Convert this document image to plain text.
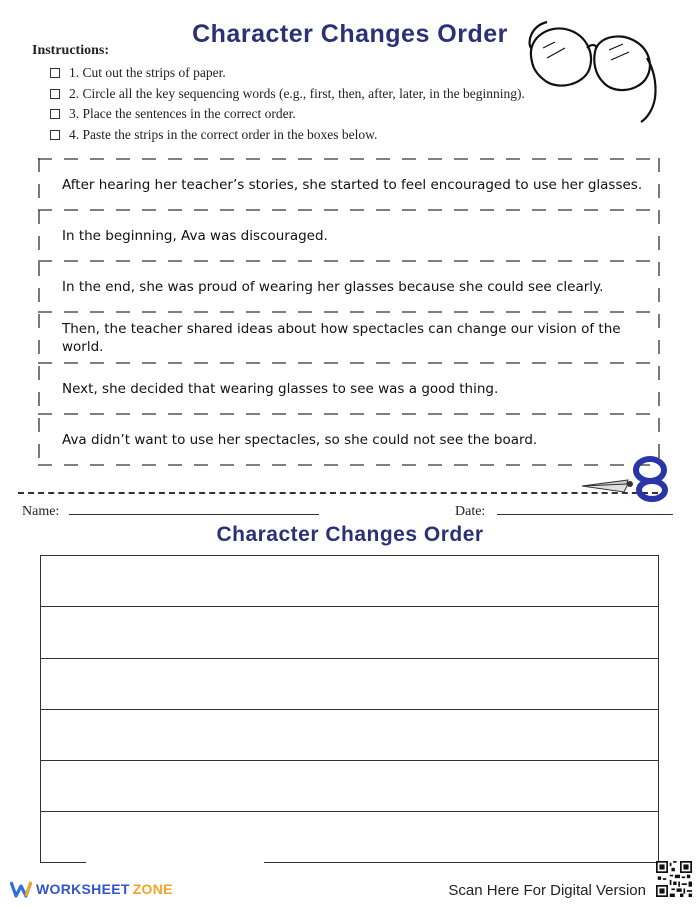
Character Changes Order
Instructions:
1. Cut out the strips of paper.
2. Circle all the key sequencing words (e.g., first, then, after, later, in the beginning).
3. Place the sentences in the correct order.
4. Paste the strips in the correct order in the boxes below.
After hearing her teacher’s stories, she started to feel encouraged to use her glasses.
In the beginning, Ava was discouraged.
In the end, she was proud of wearing her glasses because she could see clearly.
Then, the teacher shared ideas about how spectacles can change our vision of the world.
Next, she decided that wearing glasses to see was a good thing.
Ava didn’t want to use her spectacles, so she could not see the board.
Name:	Date:
Character Changes Order
WORKSHEET ZONE	Scan Here For Digital Version
